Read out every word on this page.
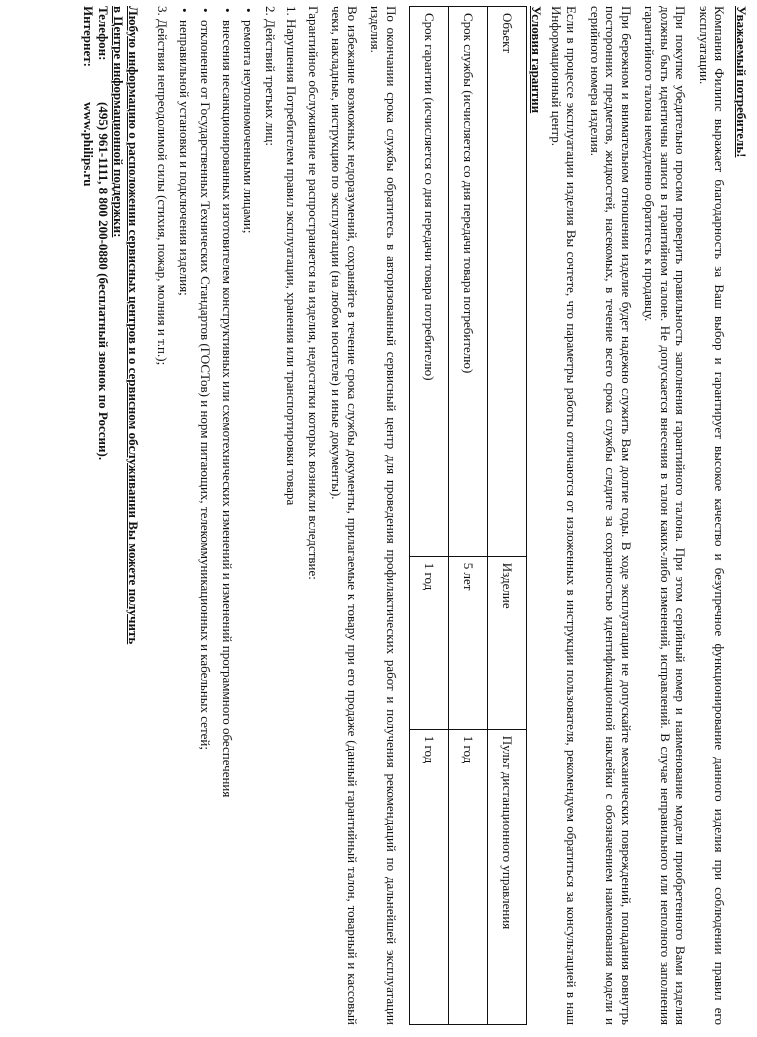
Уважаемый потребитель!
Компания Филипс выражает благодарность за Ваш выбор и гарантирует высокое качество и безупречное функционирование данного изделия при соблюдении правил его эксплуатации.
При покупке убедительно просим проверить правильность заполнения гарантийного талона. При этом серийный номер и наименование модели приобретенного Вами изделия должны быть идентичны записи в гарантийном талоне. Не допускается внесения в талон каких-либо изменений, исправлений. В случае неправильного или неполного заполнения гарантийного талона немедленно обратитесь к продавцу.
При бережном и внимательном отношении изделие будет надежно служить Вам долгие годы. В ходе эксплуатации не допускайте механических повреждений, попадания вовнутрь посторонних предметов, жидкостей, насекомых, в течение всего срока службы следите за сохранностью идентификационной наклейки с обозначением наименования модели и серийного номера изделия.
Если в процессе эксплуатации изделия Вы сочтете, что параметры работы отличаются от изложенных в инструкции пользователя, рекомендуем обратиться за консультацией в наш Информационный центр.
Условия гарантии
Объект	Изделие	Пульт дистанционного управления
Срок службы (исчисляется со дня передачи товара потребителю)	5 лет	1 год
Срок гарантии (исчисляется со дня передачи товара потребителю)	1 год	1 год
По окончании срока службы обратитесь в авторизованный сервисный центр для проведения профилактических работ и получения рекомендаций по дальнейшей эксплуатации изделия.
Во избежание возможных недоразумений, сохраняйте в течение срока службы документы, прилагаемые к товару при его продаже (данный гарантийный талон, товарный и кассовый чеки, накладные, инструкцию по эксплуатации (на любом носителе) и иные документы).
Гарантийное обслуживание не распространяется на изделия, недостатки которых возникли вследствие:
1. Нарушения Потребителем правил эксплуатации, хранения или транспортировки товара
2. Действий третьих лиц:
•ремонта неуполномоченными лицами;
•внесения несанкционированных изготовителем конструктивных или схемотехнических изменений и изменений программного обеспечения
•отклонение от Государственных Технических Стандартов (ГОСТов) и норм питающих, телекоммуникационных и кабельных сетей;
•неправильной установки и подключения изделия;
3. Действия непреодолимой силы (стихия, пожар, молния и т.п.);
Любую информацию о расположении сервисных центров и о сервисном обслуживании Вы можете получить
в Центре информационной поддержки:
Телефон:
(495) 961-1111, 8 800 200-0880 (бесплатный звонок по России).
Интернет:
www.philips.ru
